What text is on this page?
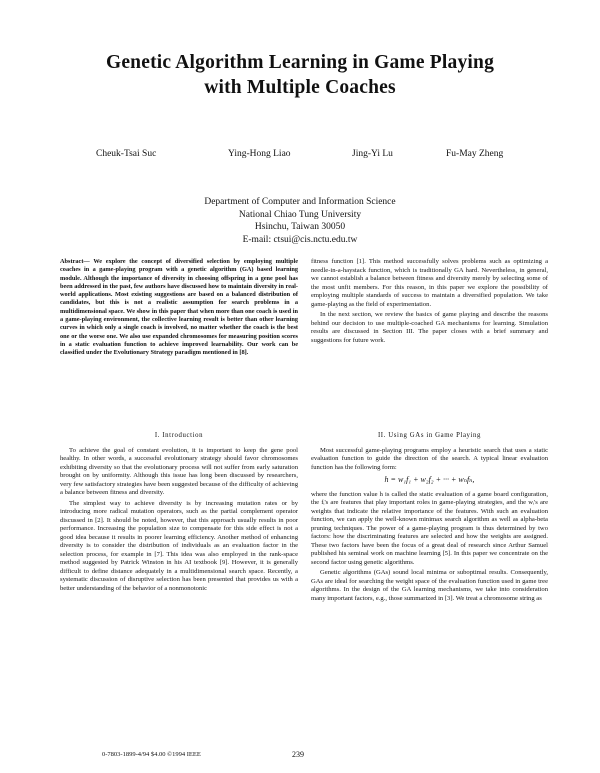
Genetic Algorithm Learning in Game Playing
with Multiple Coaches
Cheuk-Tsai Suc	Ying-Hong Liao	Jing-Yi Lu	Fu-May Zheng
Department of Computer and Information Science
National Chiao Tung University
Hsinchu, Taiwan 30050
E-mail: ctsui@cis.nctu.edu.tw

Abstract— We explore the concept of diversified selection by employing multiple coaches in a game-playing program with a genetic algorithm (GA) based learning module. Although the importance of diversity in choosing offspring in a gene pool has been addressed in the past, few authors have discussed how to maintain diversity in real-world applications. Most existing suggestions are based on a balanced distribution of candidates, but this is not a realistic assumption for search problems in a multidimensional space. We show in this paper that when more than one coach is used in a game-playing environment, the collective learning result is better than other learning curves in which only a single coach is involved, no matter whether the coach is the best one or the worse one. We also use expanded chromosomes for measuring position scores in a static evaluation function to achieve improved learnability. Our work can be classified under the Evolutionary Strategy paradigm mentioned in [8].

fitness function [1]. This method successfully solves problems such as optimizing a needle-in-a-haystack function, which is traditionally GA hard. Nevertheless, in general, we cannot establish a balance between fitness and diversity merely by selecting some of the most unfit members. For this reason, in this paper we explore the possibility of employing multiple standards of success to maintain a diversified population. We take game-playing as the field of experimentation.

In the next section, we review the basics of game playing and describe the reasons behind our decision to use multiple-coached GA mechanisms for learning. Simulation results are discussed in Section III. The paper closes with a brief summary and suggestions for future work.

I. Introduction

To achieve the goal of constant evolution, it is important to keep the gene pool healthy. In other words, a successful evolutionary strategy should favor chromosomes exhibiting diversity so that the evolutionary process will not suffer from early saturation brought on by uniformity. Although this issue has long been discussed by researchers, very few satisfactory strategies have been suggested because of the difficulty of achieving a balance between fitness and diversity.

The simplest way to achieve diversity is by increasing mutation rates or by introducing more radical mutation operators, such as the partial complement operator discussed in [2]. It should be noted, however, that this approach usually results in poor performance. Increasing the population size to compensate for this side effect is not a good idea because it results in poorer learning efficiency. Another method of enhancing diversity is to consider the distribution of individuals as an evaluation factor in the selection process, for example in [7]. This idea was also employed in the rank-space method suggested by Patrick Winston in his AI textbook [9]. However, it is generally difficult to define distance adequately in a multidimensional search space. Recently, a systematic discussion of disruptive selection has been presented that provides us with a better understanding of the behavior of a nonmonotonic

II. Using GAs in Game Playing

Most successful game-playing programs employ a heuristic search that uses a static evaluation function to guide the direction of the search. A typical linear evaluation function has the following form:

h = w₁f₁ + w₂f₂ + ··· + wₙfₙ,

where the function value h is called the static evaluation of a game board configuration, the fᵢ's are features that play important roles in game-playing strategies, and the wᵢ's are weights that indicate the relative importance of the features. With such an evaluation function, we can apply the well-known minimax search algorithm as well as alpha-beta pruning techniques. The power of a game-playing program is thus determined by two factors: how the discriminating features are selected and how the weights are assigned. These two factors have been the focus of a great deal of research since Arthur Samuel published his seminal work on machine learning [5]. In this paper we concentrate on the second factor using genetic algorithms.

Genetic algorithms (GAs) sound local minima or suboptimal results. Consequently, GAs are ideal for searching the weight space of the evaluation function used in game tree algorithms. In the design of the GA learning mechanisms, we take into consideration many important factors, e.g., those summarized in [3]. We treat a chromosome string as

0-7803-1899-4/94 $4.00 ©1994 IEEE	239
